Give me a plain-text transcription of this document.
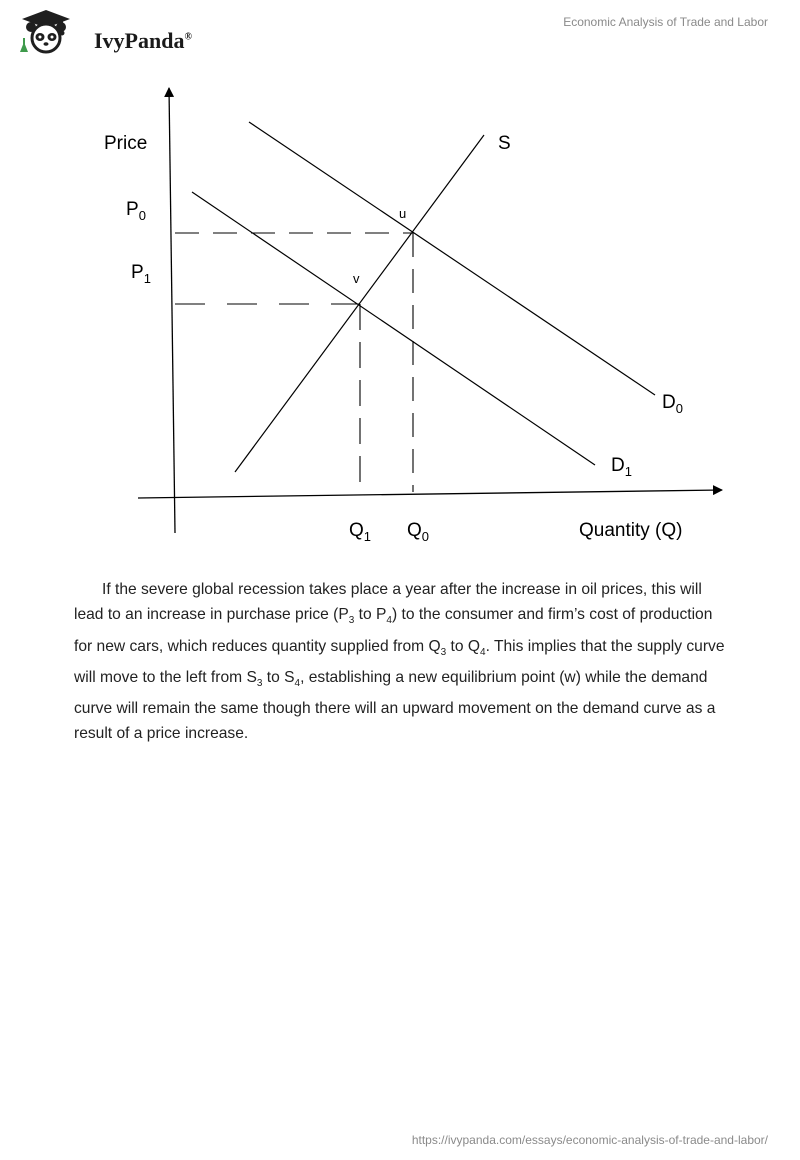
IvyPanda®
Economic Analysis of Trade and Labor
Price	S
$P_0$
$P_1$
u
v
$D_0$
$D_1$
$Q_1$ $Q_0$	Quantity (Q)
If the severe global recession takes place a year after the increase in oil prices, this will lead to an increase in purchase price ($P_3$ to $P_4$) to the consumer and firm’s cost of production for new cars, which reduces quantity supplied from $Q_3$ to $Q_4$. This implies that the supply curve will move to the left from $S_3$ to $S_4$, establishing a new equilibrium point (w) while the demand curve will remain the same though there will an upward movement on the demand curve as a result of a price increase.
https://ivypanda.com/essays/economic-analysis-of-trade-and-labor/
